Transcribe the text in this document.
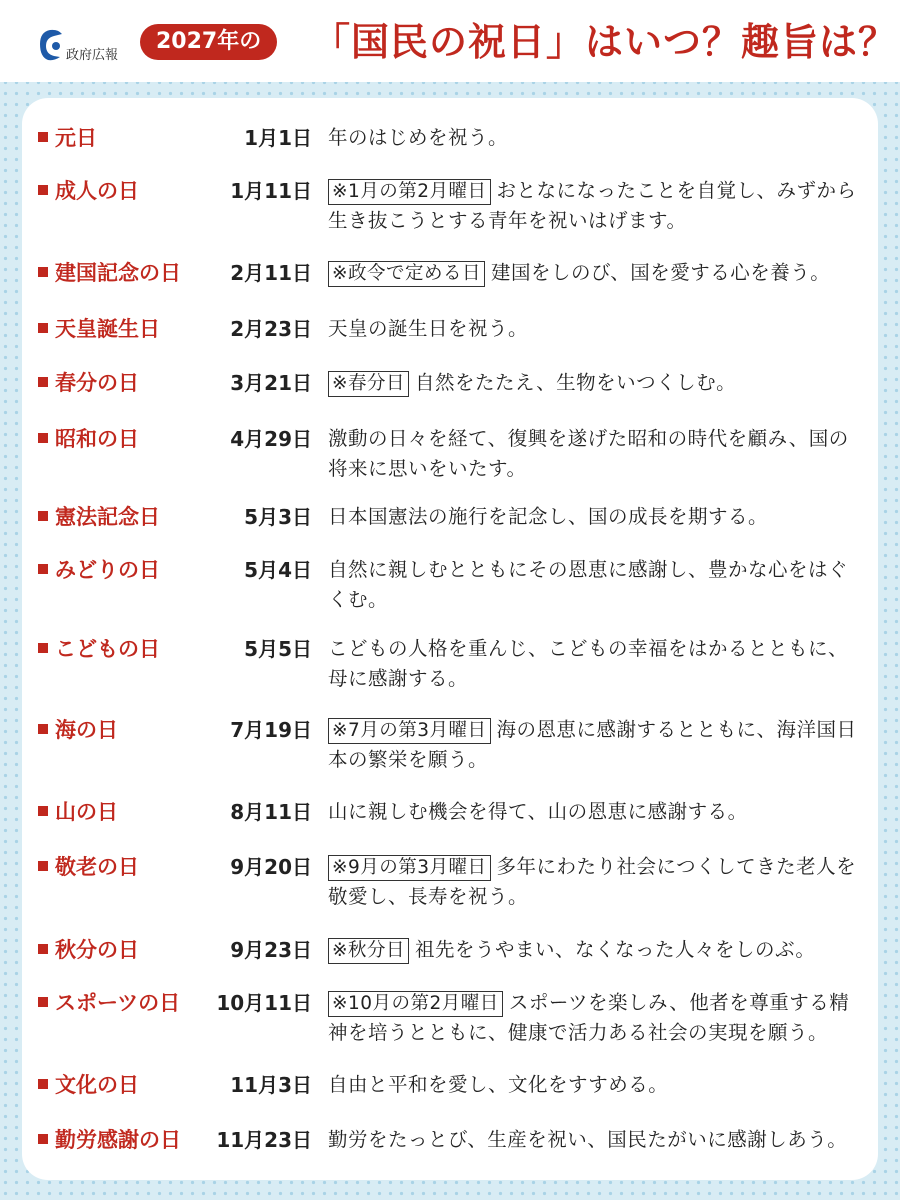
政府広報
2027年の	「国民の祝日」はいつ？趣旨は？
元日	1月1日 年のはじめを祝う。
成人の日	1月11日 ※1月の第2月曜日 おとなになったことを自覚し、みずから生き抜こうとする青年を祝いはげます。
建国記念の日	2月11日 ※政令で定める日 建国をしのび、国を愛する心を養う。
天皇誕生日	2月23日 天皇の誕生日を祝う。
春分の日	3月21日 ※春分日 自然をたたえ、生物をいつくしむ。
昭和の日	4月29日 激動の日々を経て、復興を遂げた昭和の時代を顧み、国の将来に思いをいたす。
憲法記念日	5月3日 日本国憲法の施行を記念し、国の成長を期する。
みどりの日	5月4日 自然に親しむとともにその恩恵に感謝し、豊かな心をはぐくむ。
こどもの日	5月5日 こどもの人格を重んじ、こどもの幸福をはかるとともに、母に感謝する。
海の日	7月19日 ※7月の第3月曜日 海の恩恵に感謝するとともに、海洋国日本の繁栄を願う。
山の日	8月11日 山に親しむ機会を得て、山の恩恵に感謝する。
敬老の日	9月20日 ※9月の第3月曜日 多年にわたり社会につくしてきた老人を敬愛し、長寿を祝う。
秋分の日	9月23日 ※秋分日 祖先をうやまい、なくなった人々をしのぶ。
スポーツの日	10月11日 ※10月の第2月曜日 スポーツを楽しみ、他者を尊重する精神を培うとともに、健康で活力ある社会の実現を願う。
文化の日	11月3日 自由と平和を愛し、文化をすすめる。
勤労感謝の日	11月23日 勤労をたっとび、生産を祝い、国民たがいに感謝しあう。
